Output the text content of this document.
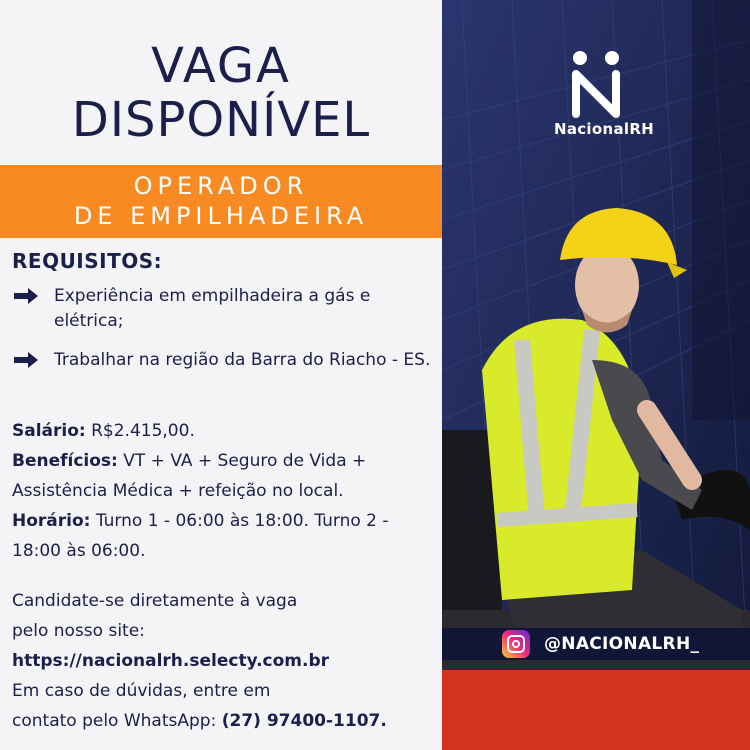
VAGA
DISPONÍVEL
OPERADOR
DE EMPILHADEIRA
REQUISITOS:
Experiência em empilhadeira a gás e elétrica;
Trabalhar na região da Barra do Riacho - ES.
Salário: R$2.415,00.
Benefícios: VT + VA + Seguro de Vida + Assistência Médica + refeição no local.
Horário: Turno 1 - 06:00 às 18:00. Turno 2 - 18:00 às 06:00.
Candidate-se diretamente à vaga
pelo nosso site:
https://nacionalrh.selecty.com.br
Em caso de dúvidas, entre em
contato pelo WhatsApp: (27) 97400-1107.
NacionalRH
@NACIONALRH_
